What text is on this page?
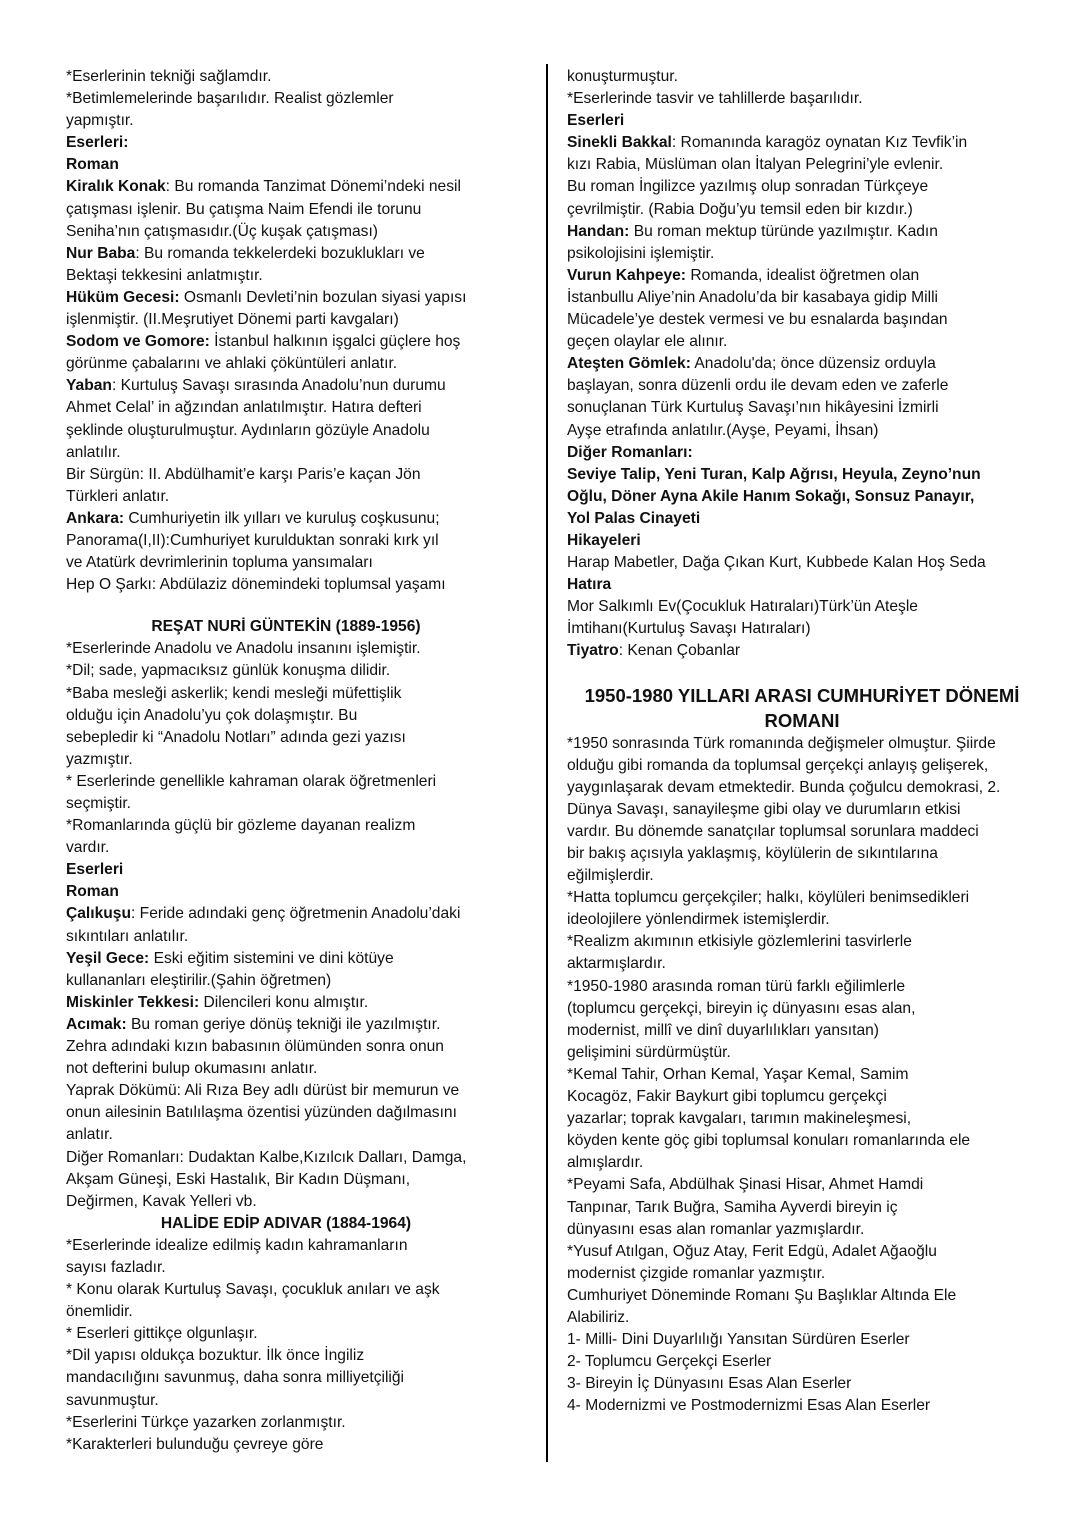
*Eserlerinin tekniği sağlamdır.
*Betimlemelerinde başarılıdır. Realist gözlemler
yapmıştır.
Eserleri:
Roman
Kiralık Konak: Bu romanda Tanzimat Dönemi’ndeki nesil
çatışması işlenir. Bu çatışma Naim Efendi ile torunu
Seniha’nın çatışmasıdır.(Üç kuşak çatışması)
Nur Baba: Bu romanda tekkelerdeki bozuklukları ve
Bektaşi tekkesini anlatmıştır.
Hüküm Gecesi: Osmanlı Devleti’nin bozulan siyasi yapısı
işlenmiştir. (II.Meşrutiyet Dönemi parti kavgaları)
Sodom ve Gomore: İstanbul halkının işgalci güçlere hoş
görünme çabalarını ve ahlaki çöküntüleri anlatır.
Yaban: Kurtuluş Savaşı sırasında Anadolu’nun durumu
Ahmet Celal’ in ağzından anlatılmıştır. Hatıra defteri
şeklinde oluşturulmuştur. Aydınların gözüyle Anadolu
anlatılır.
Bir Sürgün: II. Abdülhamit’e karşı Paris’e kaçan Jön
Türkleri anlatır.
Ankara: Cumhuriyetin ilk yılları ve kuruluş coşkusunu;
Panorama(I,II):Cumhuriyet kurulduktan sonraki kırk yıl
ve Atatürk devrimlerinin topluma yansımaları
Hep O Şarkı: Abdülaziz dönemindeki toplumsal yaşamı
REŞAT NURİ GÜNTEKİN (1889-1956)
*Eserlerinde Anadolu ve Anadolu insanını işlemiştir.
*Dil; sade, yapmacıksız günlük konuşma dilidir.
*Baba mesleği askerlik; kendi mesleği müfettişlik
olduğu için Anadolu’yu çok dolaşmıştır. Bu
sebepledir ki “Anadolu Notları” adında gezi yazısı
yazmıştır.
* Eserlerinde genellikle kahraman olarak öğretmenleri
seçmiştir.
*Romanlarında güçlü bir gözleme dayanan realizm
vardır.
Eserleri
Roman
Çalıkuşu: Feride adındaki genç öğretmenin Anadolu’daki
sıkıntıları anlatılır.
Yeşil Gece: Eski eğitim sistemini ve dini kötüye
kullananları eleştirilir.(Şahin öğretmen)
Miskinler Tekkesi: Dilencileri konu almıştır.
Acımak: Bu roman geriye dönüş tekniği ile yazılmıştır.
Zehra adındaki kızın babasının ölümünden sonra onun
not defterini bulup okumasını anlatır.
Yaprak Dökümü: Ali Rıza Bey adlı dürüst bir memurun ve
onun ailesinin Batılılaşma özentisi yüzünden dağılmasını
anlatır.
Diğer Romanları: Dudaktan Kalbe,Kızılcık Dalları, Damga,
Akşam Güneşi, Eski Hastalık, Bir Kadın Düşmanı,
Değirmen, Kavak Yelleri vb.
HALİDE EDİP ADIVAR (1884-1964)
*Eserlerinde idealize edilmiş kadın kahramanların
sayısı fazladır.
* Konu olarak Kurtuluş Savaşı, çocukluk anıları ve aşk
önemlidir.
* Eserleri gittikçe olgunlaşır.
*Dil yapısı oldukça bozuktur. İlk önce İngiliz
mandacılığını savunmuş, daha sonra milliyetçiliği
savunmuştur.
*Eserlerini Türkçe yazarken zorlanmıştır.
*Karakterleri bulunduğu çevreye göre
konuşturmuştur.
*Eserlerinde tasvir ve tahlillerde başarılıdır.
Eserleri
Sinekli Bakkal: Romanında karagöz oynatan Kız Tevfik’in
kızı Rabia, Müslüman olan İtalyan Pelegrini’yle evlenir.
Bu roman İngilizce yazılmış olup sonradan Türkçeye
çevrilmiştir. (Rabia Doğu’yu temsil eden bir kızdır.)
Handan: Bu roman mektup türünde yazılmıştır. Kadın
psikolojisini işlemiştir.
Vurun Kahpeye: Romanda, idealist öğretmen olan
İstanbullu Aliye’nin Anadolu’da bir kasabaya gidip Milli
Mücadele’ye destek vermesi ve bu esnalarda başından
geçen olaylar ele alınır.
Ateşten Gömlek: Anadolu'da; önce düzensiz orduyla
başlayan, sonra düzenli ordu ile devam eden ve zaferle
sonuçlanan Türk Kurtuluş Savaşı’nın hikâyesini İzmirli
Ayşe etrafında anlatılır.(Ayşe, Peyami, İhsan)
Diğer Romanları:
Seviye Talip, Yeni Turan, Kalp Ağrısı, Heyula, Zeyno’nun
Oğlu, Döner Ayna Akile Hanım Sokağı, Sonsuz Panayır,
Yol Palas Cinayeti
Hikayeleri
Harap Mabetler, Dağa Çıkan Kurt, Kubbede Kalan Hoş Seda
Hatıra
Mor Salkımlı Ev(Çocukluk Hatıraları)Türk’ün Ateşle
İmtihanı(Kurtuluş Savaşı Hatıraları)
Tiyatro: Kenan Çobanlar
1950-1980 YILLARI ARASI CUMHURİYET DÖNEMİ
ROMANI
*1950 sonrasında Türk romanında değişmeler olmuştur. Şiirde
olduğu gibi romanda da toplumsal gerçekçi anlayış gelişerek,
yaygınlaşarak devam etmektedir. Bunda çoğulcu demokrasi, 2.
Dünya Savaşı, sanayileşme gibi olay ve durumların etkisi
vardır. Bu dönemde sanatçılar toplumsal sorunlara maddeci
bir bakış açısıyla yaklaşmış, köylülerin de sıkıntılarına
eğilmişlerdir.
*Hatta toplumcu gerçekçiler; halkı, köylüleri benimsedikleri
ideolojilere yönlendirmek istemişlerdir.
*Realizm akımının etkisiyle gözlemlerini tasvirlerle
aktarmışlardır.
*1950-1980 arasında roman türü farklı eğilimlerle
(toplumcu gerçekçi, bireyin iç dünyasını esas alan,
modernist, millî ve dinî duyarlılıkları yansıtan)
gelişimini sürdürmüştür.
*Kemal Tahir, Orhan Kemal, Yaşar Kemal, Samim
Kocagöz, Fakir Baykurt gibi toplumcu gerçekçi
yazarlar; toprak kavgaları, tarımın makineleşmesi,
köyden kente göç gibi toplumsal konuları romanlarında ele
almışlardır.
*Peyami Safa, Abdülhak Şinasi Hisar, Ahmet Hamdi
Tanpınar, Tarık Buğra, Samiha Ayverdi bireyin iç
dünyasını esas alan romanlar yazmışlardır.
*Yusuf Atılgan, Oğuz Atay, Ferit Edgü, Adalet Ağaoğlu
modernist çizgide romanlar yazmıştır.
Cumhuriyet Döneminde Romanı Şu Başlıklar Altında Ele
Alabiliriz.
1- Milli- Dini Duyarlılığı Yansıtan Sürdüren Eserler
2- Toplumcu Gerçekçi Eserler
3- Bireyin İç Dünyasını Esas Alan Eserler
4- Modernizmi ve Postmodernizmi Esas Alan Eserler
